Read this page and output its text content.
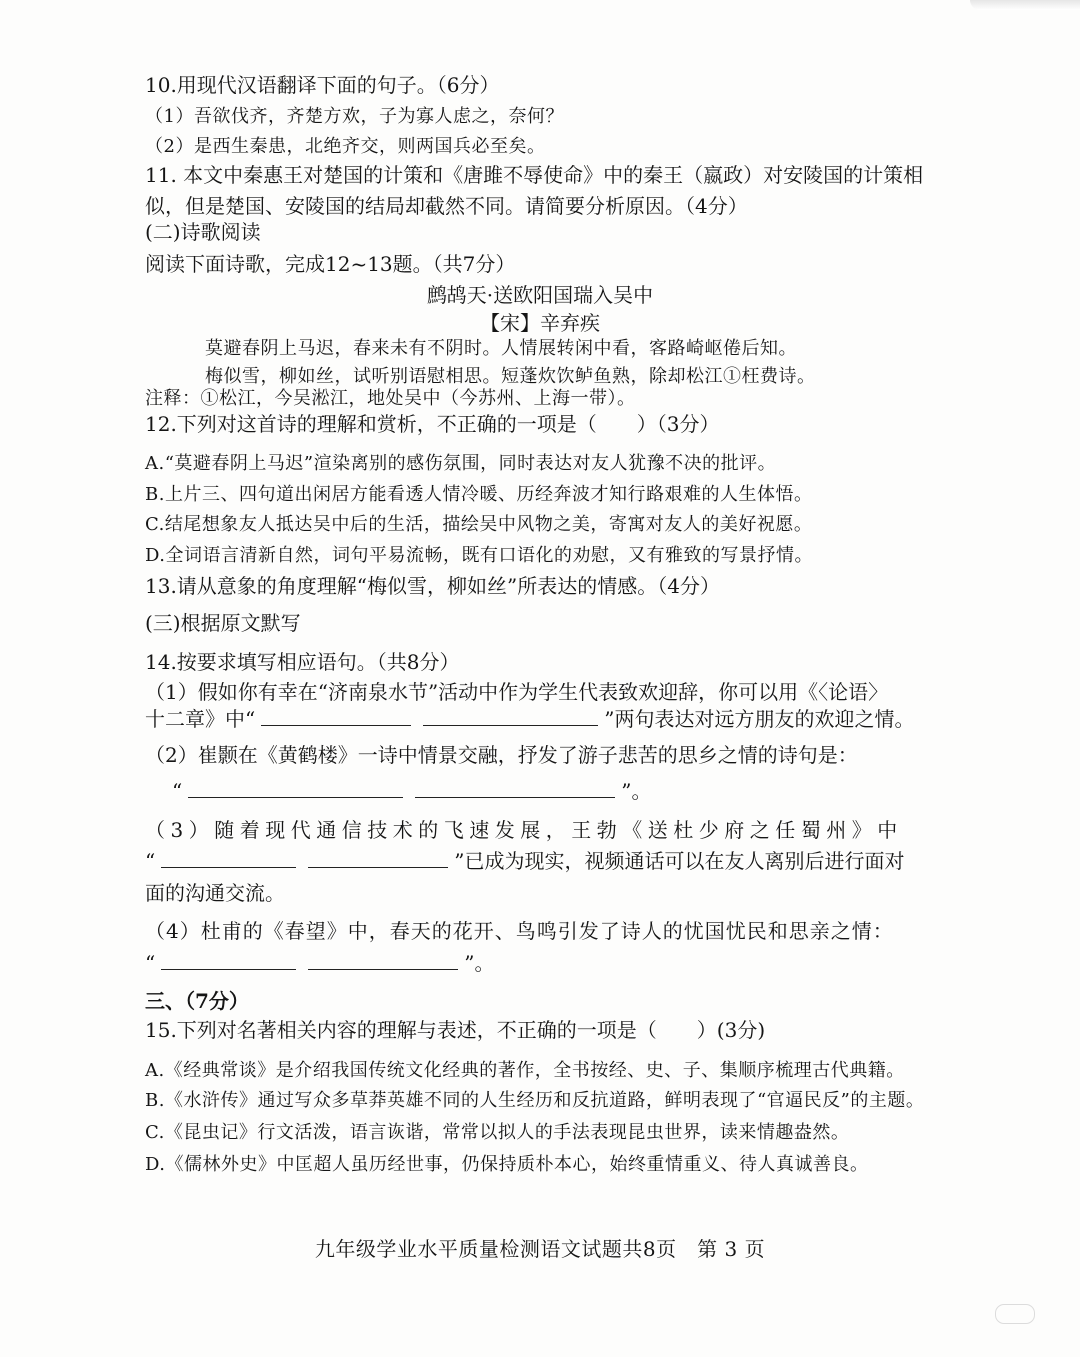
10.用现代汉语翻译下面的句子。（6分）
（1）吾欲伐齐，齐楚方欢，子为寡人虑之，奈何？
（2）是西生秦患，北绝齐交，则两国兵必至矣。
11. 本文中秦惠王对楚国的计策和《唐雎不辱使命》中的秦王（嬴政）对安陵国的计策相
似，但是楚国、安陵国的结局却截然不同。请简要分析原因。（4分）
(二)诗歌阅读
阅读下面诗歌，完成12~13题。（共7分）
鹧鸪天·送欧阳国瑞入吴中
【宋】辛弃疾
莫避春阴上马迟，春来未有不阴时。人情展转闲中看，客路崎岖倦后知。
梅似雪，柳如丝，试听别语慰相思。短蓬炊饮鲈鱼熟，除却松江①枉费诗。
注释：①松江，今吴淞江，地处吴中（今苏州、上海一带）。
12.下列对这首诗的理解和赏析，不正确的一项是（　　）（3分）
A.“莫避春阴上马迟”渲染离别的感伤氛围，同时表达对友人犹豫不决的批评。
B.上片三、四句道出闲居方能看透人情冷暖、历经奔波才知行路艰难的人生体悟。
C.结尾想象友人抵达吴中后的生活，描绘吴中风物之美，寄寓对友人的美好祝愿。
D.全词语言清新自然，词句平易流畅，既有口语化的劝慰，又有雅致的写景抒情。
13.请从意象的角度理解“梅似雪，柳如丝”所表达的情感。（4分）
(三)根据原文默写
14.按要求填写相应语句。（共8分）
（1）假如你有幸在“济南泉水节”活动中作为学生代表致欢迎辞，你可以用《〈论语〉
十二章》中“	”两句表达对远方朋友的欢迎之情。
（2）崔颢在《黄鹤楼》一诗中情景交融，抒发了游子悲苦的思乡之情的诗句是：
“	”。
（3）随着现代通信技术的飞速发展，王勃《送杜少府之任蜀州》中
“	”已成为现实，视频通话可以在友人离别后进行面对
面的沟通交流。
（4）杜甫的《春望》中，春天的花开、鸟鸣引发了诗人的忧国忧民和思亲之情：
“	”。
三、（7分）
15.下列对名著相关内容的理解与表述，不正确的一项是（　　）(3分)
A.《经典常谈》是介绍我国传统文化经典的著作，全书按经、史、子、集顺序梳理古代典籍。
B.《水浒传》通过写众多草莽英雄不同的人生经历和反抗道路，鲜明表现了“官逼民反”的主题。
C.《昆虫记》行文活泼，语言诙谐，常常以拟人的手法表现昆虫世界，读来情趣盎然。
D.《儒林外史》中匡超人虽历经世事，仍保持质朴本心，始终重情重义、待人真诚善良。
九年级学业水平质量检测语文试题共8页　第 3 页
